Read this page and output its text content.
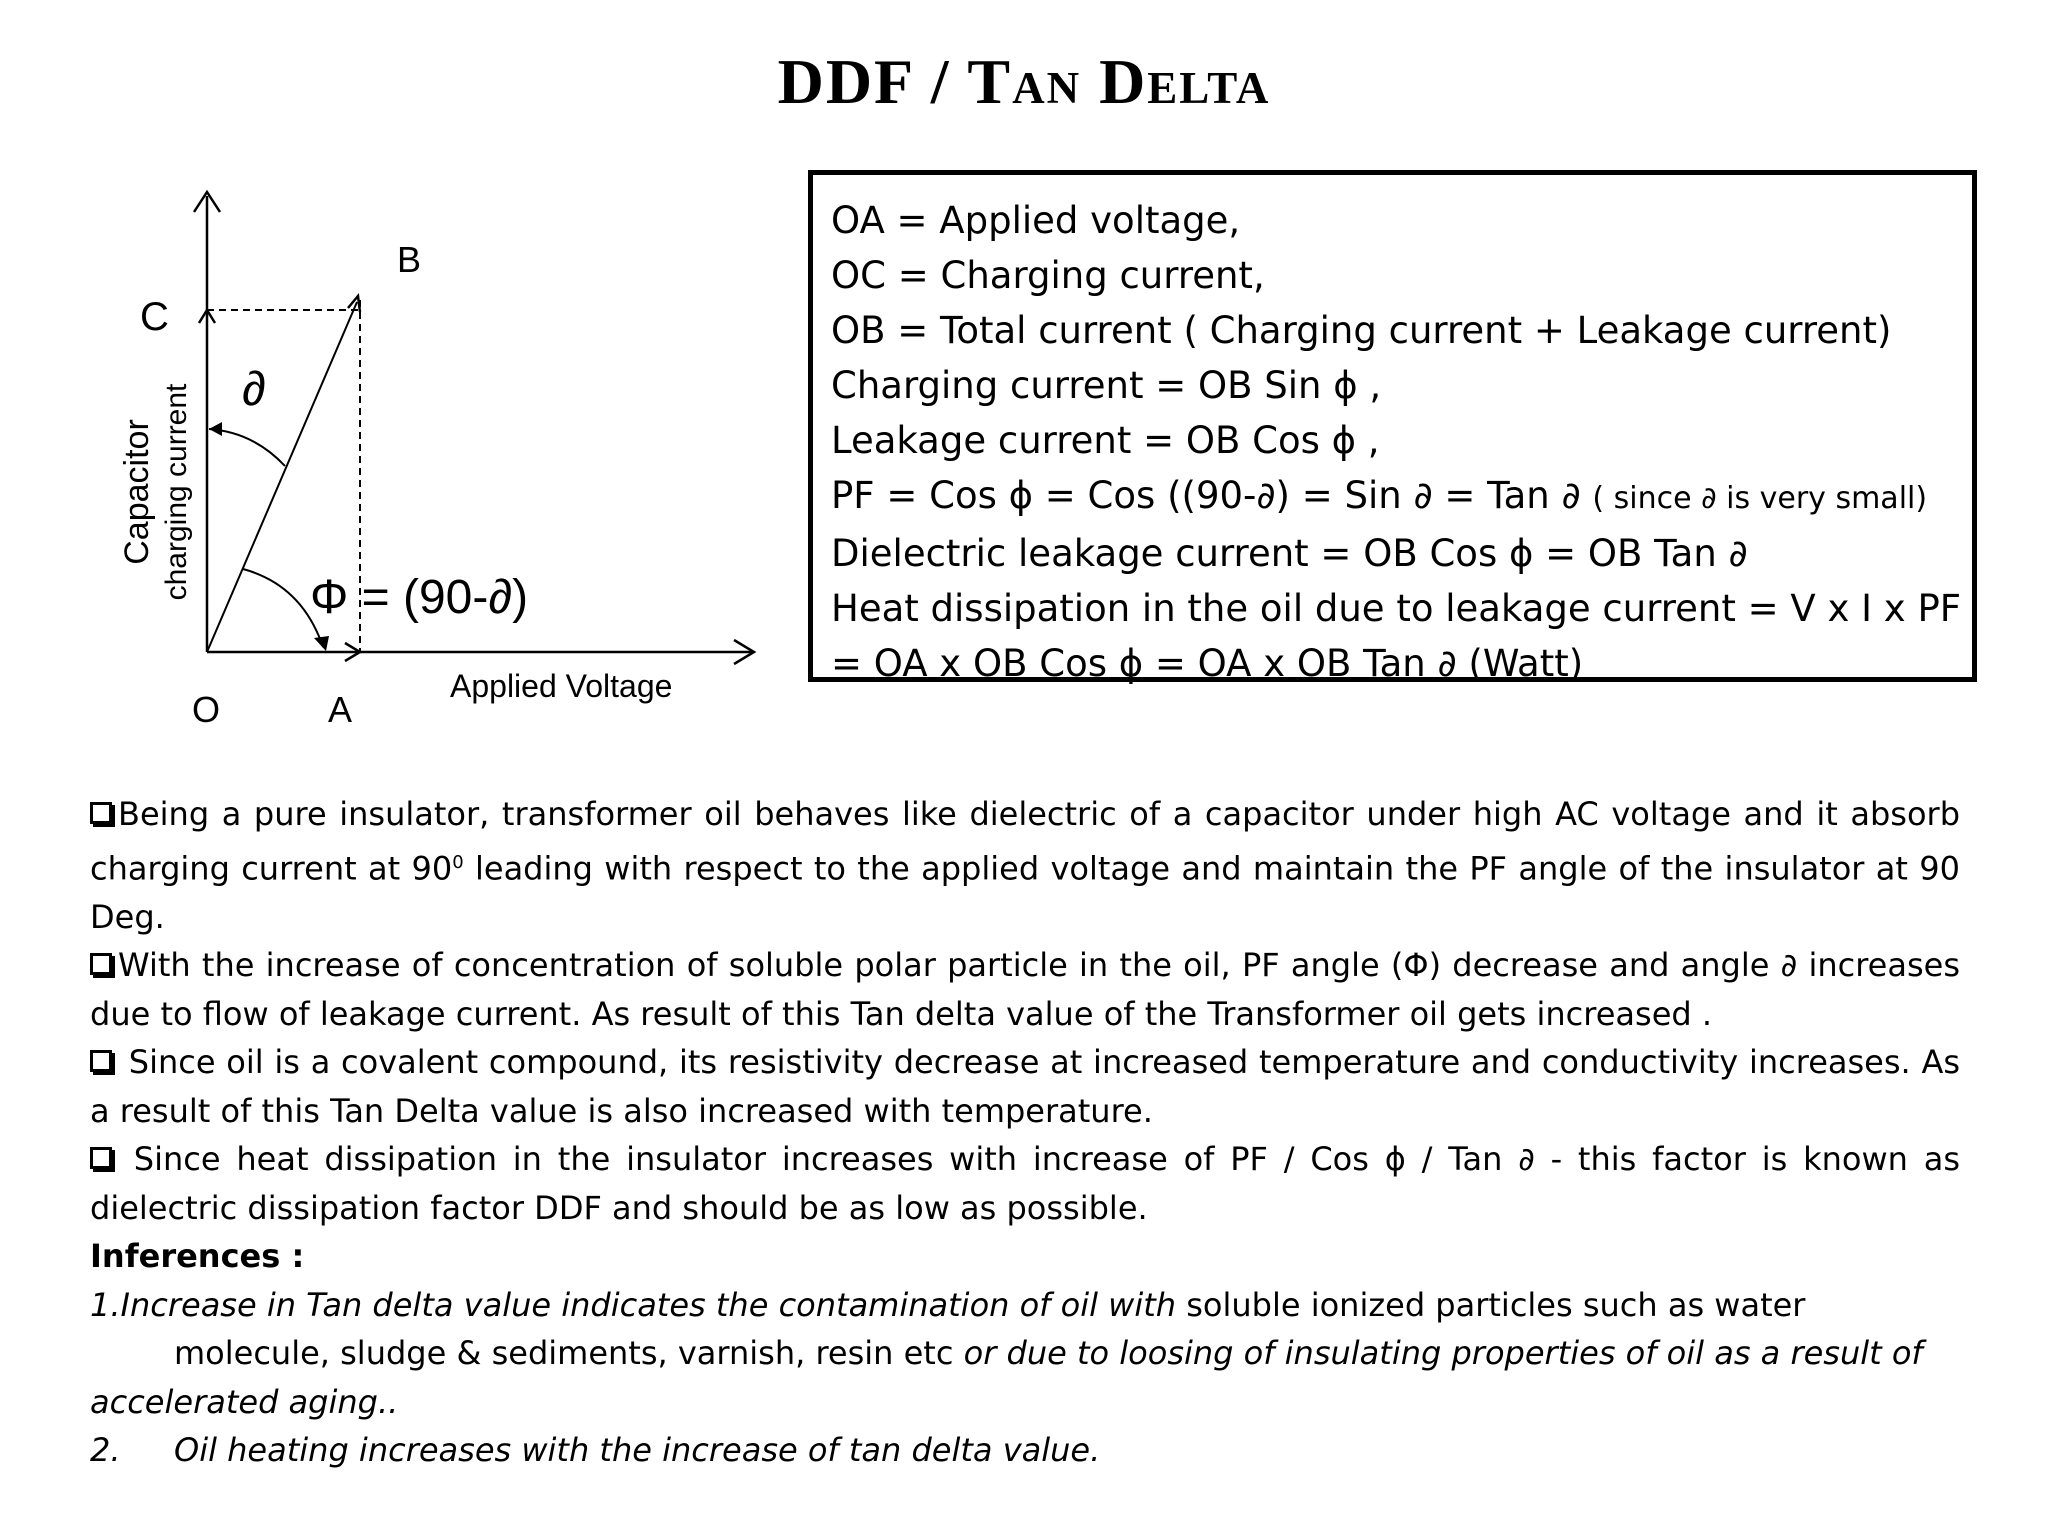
DDF / Tan Delta
B
C
O	A
∂
Φ = (90-∂)
Applied Voltage
Capacitor charging current
OA = Applied voltage,
OC = Charging current,
OB = Total current ( Charging current + Leakage current)
Charging current = OB Sin ϕ ,
Leakage current = OB Cos ϕ ,
PF = Cos ϕ = Cos ((90-∂) = Sin ∂ = Tan ∂ ( since ∂ is very small)
Dielectric leakage current = OB Cos ϕ = OB Tan ∂
Heat dissipation in the oil due to leakage current = V x I x PF
= OA x OB Cos ϕ = OA x OB Tan ∂ (Watt)
Being a pure insulator, transformer oil behaves like dielectric of a capacitor under high AC voltage and it absorb charging current at $90^0$ leading with respect to the applied voltage and maintain the PF angle of the insulator at 90 Deg.
With the increase of concentration of soluble polar particle in the oil, PF angle (Φ) decrease and angle ∂ increases due to flow of leakage current. As result of this Tan delta value of the Transformer oil gets increased .
Since oil is a covalent compound, its resistivity decrease at increased temperature and conductivity increases. As a result of this Tan Delta value is also increased with temperature.
Since heat dissipation in the insulator increases with increase of PF / Cos ϕ / Tan ∂ - this factor is known as dielectric dissipation factor DDF and should be as low as possible.
Inferences :
1.Increase in Tan delta value indicates the contamination of oil with soluble ionized particles such as water
molecule, sludge & sediments, varnish, resin etc or due to loosing of insulating properties of oil as a result of
accelerated aging..
2. Oil heating increases with the increase of tan delta value.
